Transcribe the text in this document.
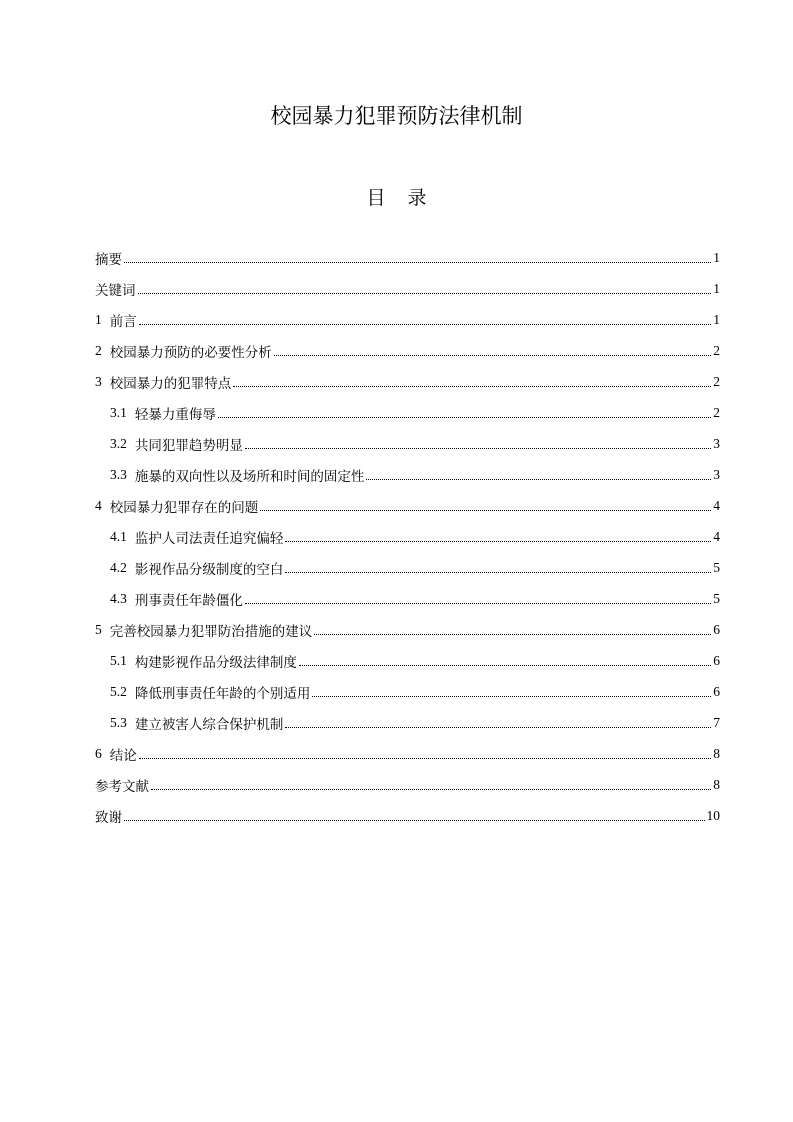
校园暴力犯罪预防法律机制
目录
摘要	1
关键词	1
1 前言	1
2 校园暴力预防的必要性分析	2
3 校园暴力的犯罪特点	2
3.1 轻暴力重侮辱	2
3.2 共同犯罪趋势明显	3
3.3 施暴的双向性以及场所和时间的固定性	3
4 校园暴力犯罪存在的问题	4
4.1 监护人司法责任追究偏轻	4
4.2 影视作品分级制度的空白	5
4.3 刑事责任年龄僵化	5
5 完善校园暴力犯罪防治措施的建议	6
5.1 构建影视作品分级法律制度	6
5.2 降低刑事责任年龄的个别适用	6
5.3 建立被害人综合保护机制	7
6 结论	8
参考文献	8
致谢	10
